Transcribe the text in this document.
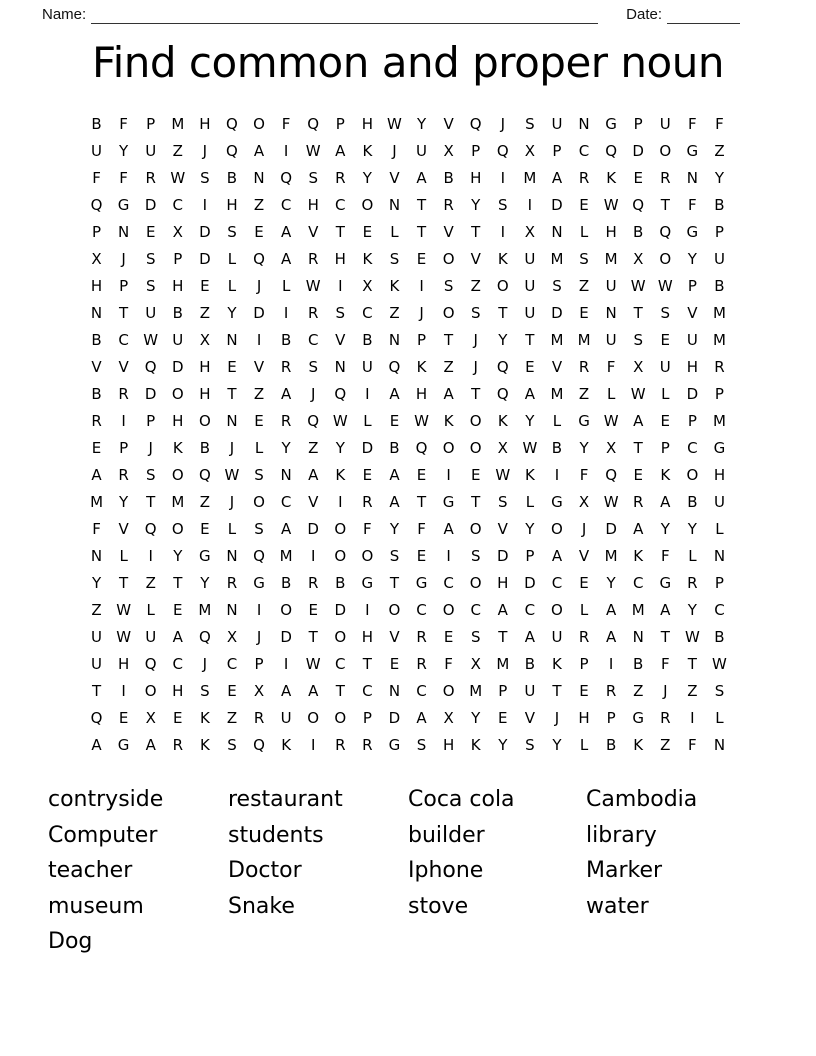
Name:	Date:
Find common and proper noun
B	F	P	M H	Q	O	F	Q	P	H W	Y	V	Q	J	S	U	N	G	P	U	F	F
U	Y	U	Z	J	Q	A	I	W A	K	J	U	X	P	Q	X	P	C	Q	D	O	G	Z
F	F	R W S	B	N	Q	S	R	Y	V	A	B	H	I	M	A	R	K	E	R	N	Y
Q	G	D	C	I	H	Z	C	H	C	O	N	T	R	Y	S	I	D	E W Q	T	F	B
P	N	E	X	D	S	E	A	V	T	E	L	T	V	T	I	X	N	L	H	B	Q	G	P
X	J	S	P	D	L	Q	A	R	H	K	S	E	O	V	K	U	M	S	M	X	O	Y	U
H	P	S	H	E	L	J	L	W	I	X	K	I	S	Z	O	U	S	Z	U W W	P	B
N	T	U	B	Z	Y	D	I	R	S	C	Z	J	O	S	T	U	D	E	N	T	S	V	M
B	C W U	X	N	I	B	C	V	B	N	P	T	J	Y	T	M M	U	S	E	U	M
V	V	Q	D	H	E	V	R	S	N	U	Q	K	Z	J	Q	E	V	R	F	X	U	H	R
B	R	D	O	H	T	Z	A	J	Q	I	A	H	A	T	Q	A	M	Z	L	W	L	D	P
R	I	P	H	O	N	E	R	Q W	L	E W K	O	K	Y	L	G W A	E	P	M
E	P	J	K	B	J	L	Y	Z	Y	D	B	Q	O	O	X W B	Y	X	T	P	C	G
A	R	S	O	Q W S	N	A	K	E	A	E	I	E W K	I	F	Q	E	K	O	H
M	Y	T	M	Z	J	O	C	V	I	R	A	T	G	T	S	L	G	X W R	A	B	U
F	V	Q	O	E	L	S	A	D	O	F	Y	F	A	O	V	Y	O	J	D	A	Y	Y	L
N	L	I	Y	G	N	Q M	I	O	O	S	E	I	S	D	P	A	V	M	K	F	L	N
Y	T	Z	T	Y	R	G	B	R	B	G	T	G	C	O	H	D	C	E	Y	C	G	R	P
Z W	L	E	M N	I	O	E	D	I	O	C	O	C	A	C	O	L	A	M	A	Y	C
U W U	A	Q	X	J	D	T	O	H	V	R	E	S	T	A	U	R	A	N	T	W B
U	H	Q	C	J	C	P	I	W C	T	E	R	F	X	M	B	K	P	I	B	F	T	W
T	I	O	H	S	E	X	A	A	T	C	N	C	O M	P	U	T	E	R	Z	J	Z	S
Q	E	X	E	K	Z	R	U	O	O	P	D	A	X	Y	E	V	J	H	P	G	R	I	L
A	G	A	R	K	S	Q	K	I	R	R	G	S	H	K	Y	S	Y	L	B	K	Z	F	N
contryside
Computer
teacher
museum
Dog
restaurant
students
Doctor
Snake
Coca cola
builder
Iphone
stove
Cambodia
library
Marker
water
